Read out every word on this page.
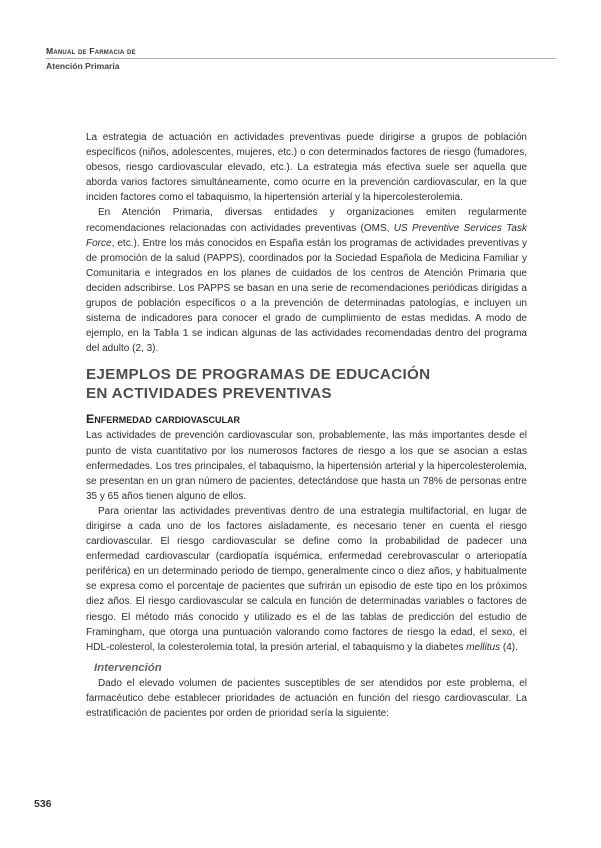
Manual de Farmacia de
Atención Primaria

La estrategia de actuación en actividades preventivas puede dirigirse a grupos de población específicos (niños, adolescentes, mujeres, etc.) o con determinados factores de riesgo (fumadores, obesos, riesgo cardiovascular elevado, etc.). La estrategia más efectiva suele ser aquella que aborda varios factores simultáneamente, como ocurre en la prevención cardiovascular, en la que inciden factores como el tabaquismo, la hipertensión arterial y la hipercolesterolemia.

En Atención Primaria, diversas entidades y organizaciones emiten regularmente recomendaciones relacionadas con actividades preventivas (OMS, US Preventive Services Task Force, etc.). Entre los más conocidos en España están los programas de actividades preventivas y de promoción de la salud (PAPPS), coordinados por la Sociedad Española de Medicina Familiar y Comunitaria e integrados en los planes de cuidados de los centros de Atención Primaria que deciden adscribirse. Los PAPPS se basan en una serie de recomendaciones periódicas dirigidas a grupos de población específicos o a la prevención de determinadas patologías, e incluyen un sistema de indicadores para conocer el grado de cumplimiento de estas medidas. A modo de ejemplo, en la Tabla 1 se indican algunas de las actividades recomendadas dentro del programa del adulto (2, 3).

EJEMPLOS DE PROGRAMAS DE EDUCACIÓN
EN ACTIVIDADES PREVENTIVAS
Enfermedad cardiovascular

Las actividades de prevención cardiovascular son, probablemente, las más importantes desde el punto de vista cuantitativo por los numerosos factores de riesgo a los que se asocian a estas enfermedades. Los tres principales, el tabaquismo, la hipertensión arterial y la hipercolesterolemia, se presentan en un gran número de pacientes, detectándose que hasta un 78% de personas entre 35 y 65 años tienen alguno de ellos.

Para orientar las actividades preventivas dentro de una estrategia multifactorial, en lugar de dirigirse a cada uno de los factores aisladamente, es necesario tener en cuenta el riesgo cardiovascular. El riesgo cardiovascular se define como la probabilidad de padecer una enfermedad cardiovascular (cardiopatía isquémica, enfermedad cerebrovascular o arteriopatía periférica) en un determinado periodo de tiempo, generalmente cinco o diez años, y habitualmente se expresa como el porcentaje de pacientes que sufrirán un episodio de este tipo en los próximos diez años. El riesgo cardiovascular se calcula en función de determinadas variables o factores de riesgo. El método más conocido y utilizado es el de las tablas de predicción del estudio de Framingham, que otorga una puntuación valorando como factores de riesgo la edad, el sexo, el HDL-colesterol, la colesterolemia total, la presión arterial, el tabaquismo y la diabetes mellitus (4).

Intervención

Dado el elevado volumen de pacientes susceptibles de ser atendidos por este problema, el farmacéutico debe establecer prioridades de actuación en función del riesgo cardiovascular. La estratificación de pacientes por orden de prioridad sería la siguiente:

536
